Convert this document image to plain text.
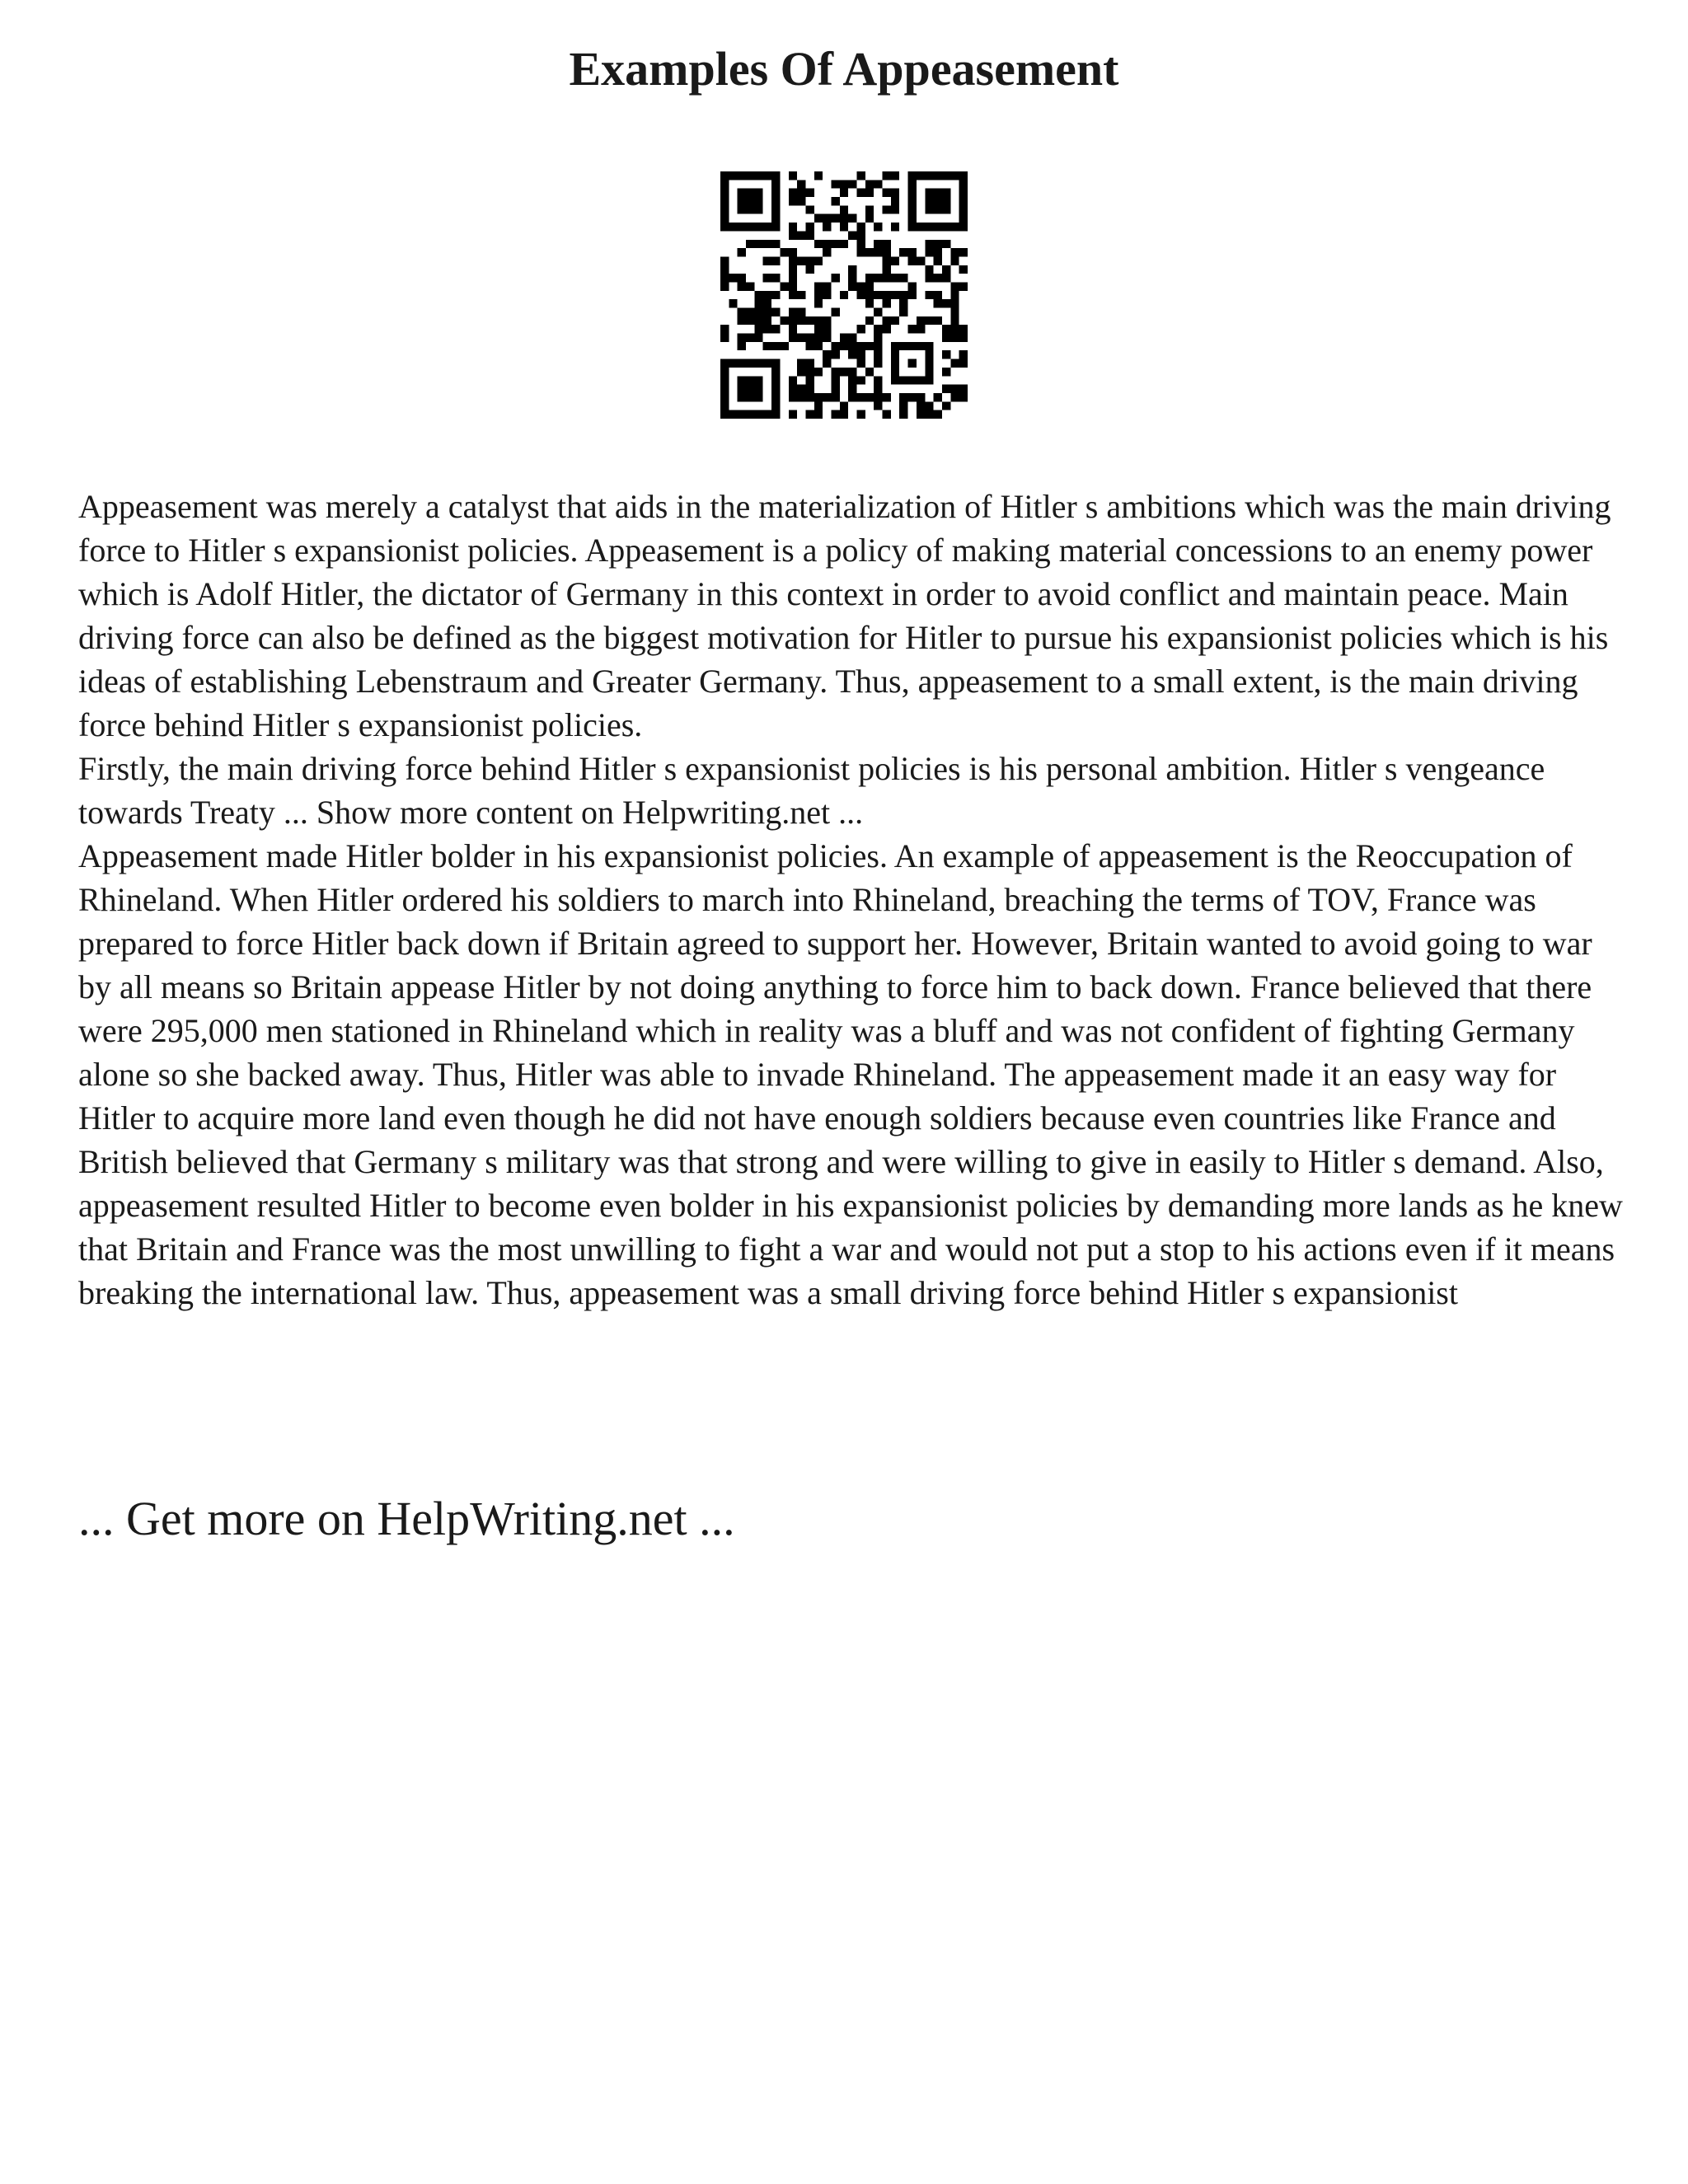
Examples Of Appeasement

Appeasement was merely a catalyst that aids in the materialization of Hitler s ambitions which was the main driving force to Hitler s expansionist policies. Appeasement is a policy of making material concessions to an enemy power which is Adolf Hitler, the dictator of Germany in this context in order to avoid conflict and maintain peace. Main driving force can also be defined as the biggest motivation for Hitler to pursue his expansionist policies which is his ideas of establishing Lebenstraum and Greater Germany. Thus, appeasement to a small extent, is the main driving force behind Hitler s expansionist policies.

Firstly, the main driving force behind Hitler s expansionist policies is his personal ambition. Hitler s vengeance towards Treaty ... Show more content on Helpwriting.net ...

Appeasement made Hitler bolder in his expansionist policies. An example of appeasement is the Reoccupation of Rhineland. When Hitler ordered his soldiers to march into Rhineland, breaching the terms of TOV, France was prepared to force Hitler back down if Britain agreed to support her. However, Britain wanted to avoid going to war by all means so Britain appease Hitler by not doing anything to force him to back down. France believed that there were 295,000 men stationed in Rhineland which in reality was a bluff and was not confident of fighting Germany alone so she backed away. Thus, Hitler was able to invade Rhineland. The appeasement made it an easy way for Hitler to acquire more land even though he did not have enough soldiers because even countries like France and British believed that Germany s military was that strong and were willing to give in easily to Hitler s demand. Also, appeasement resulted Hitler to become even bolder in his expansionist policies by demanding more lands as he knew that Britain and France was the most unwilling to fight a war and would not put a stop to his actions even if it means breaking the international law. Thus, appeasement was a small driving force behind Hitler s expansionist

... Get more on HelpWriting.net ...
